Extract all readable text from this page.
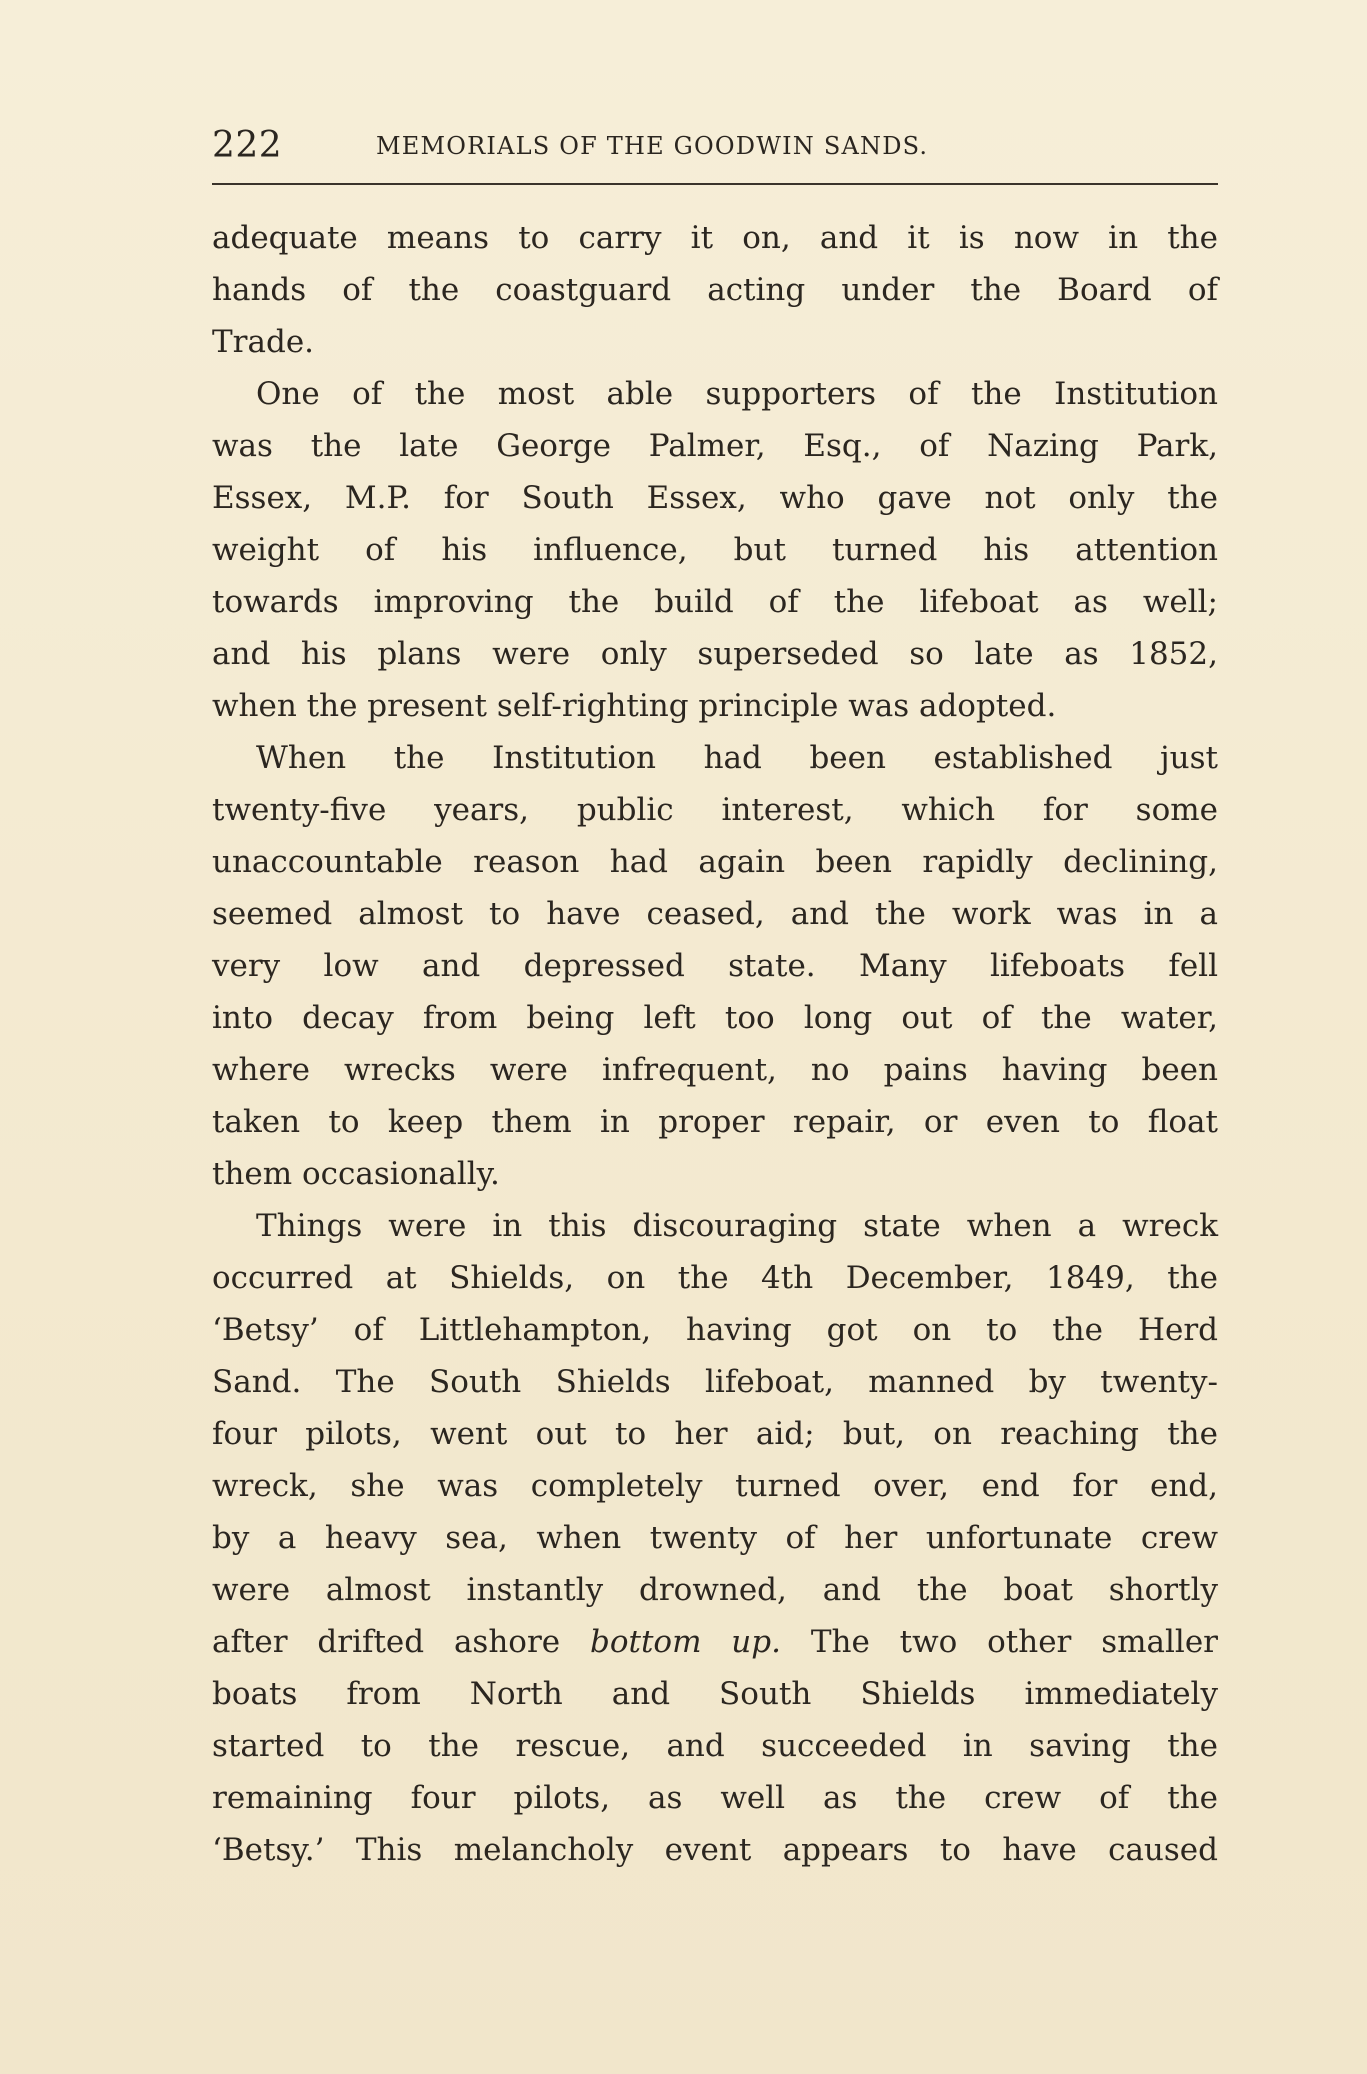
222	MEMORIALS OF THE GOODWIN SANDS.
adequate means to carry it on, and it is now in the
hands of the coastguard acting under the Board of
Trade.
One of the most able supporters of the Institution
was the late George Palmer, Esq., of Nazing Park,
Essex, M.P. for South Essex, who gave not only the
weight of his influence, but turned his attention
towards improving the build of the lifeboat as well;
and his plans were only superseded so late as 1852,
when the present self-righting principle was adopted.
When the Institution had been established just
twenty-five years, public interest, which for some
unaccountable reason had again been rapidly declining,
seemed almost to have ceased, and the work was in a
very low and depressed state. Many lifeboats fell
into decay from being left too long out of the water,
where wrecks were infrequent, no pains having been
taken to keep them in proper repair, or even to float
them occasionally.
Things were in this discouraging state when a wreck
occurred at Shields, on the 4th December, 1849, the
‘Betsy’ of Littlehampton, having got on to the Herd
Sand. The South Shields lifeboat, manned by twenty-
four pilots, went out to her aid; but, on reaching the
wreck, she was completely turned over, end for end,
by a heavy sea, when twenty of her unfortunate crew
were almost instantly drowned, and the boat shortly
after drifted ashore bottom up. The two other smaller
boats from North and South Shields immediately
started to the rescue, and succeeded in saving the
remaining four pilots, as well as the crew of the
‘Betsy.’ This melancholy event appears to have caused
